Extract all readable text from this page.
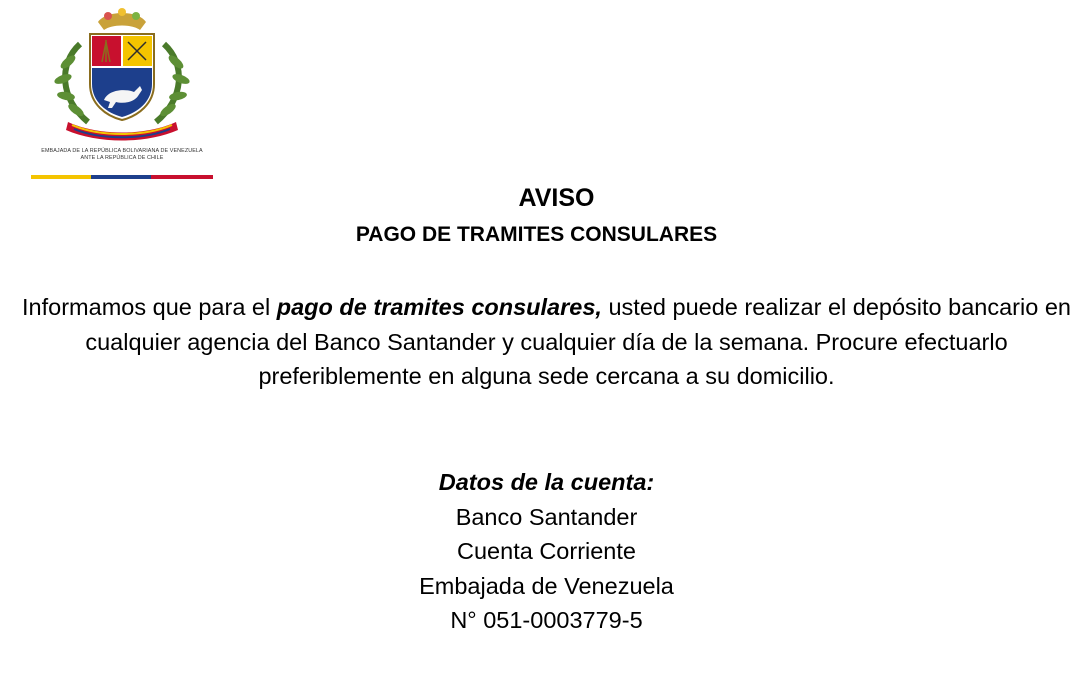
EMBAJADA DE LA REPÚBLICA BOLIVARIANA DE VENEZUELA
ANTE LA REPÚBLICA DE CHILE
AVISO
PAGO DE TRAMITES CONSULARES
Informamos que para el pago de tramites consulares, usted puede realizar el depósito bancario en cualquier agencia del Banco Santander y cualquier día de la semana. Procure efectuarlo preferiblemente en alguna sede cercana a su domicilio.
Datos de la cuenta:
Banco Santander
Cuenta Corriente
Embajada de Venezuela
N° 051-0003779-5
